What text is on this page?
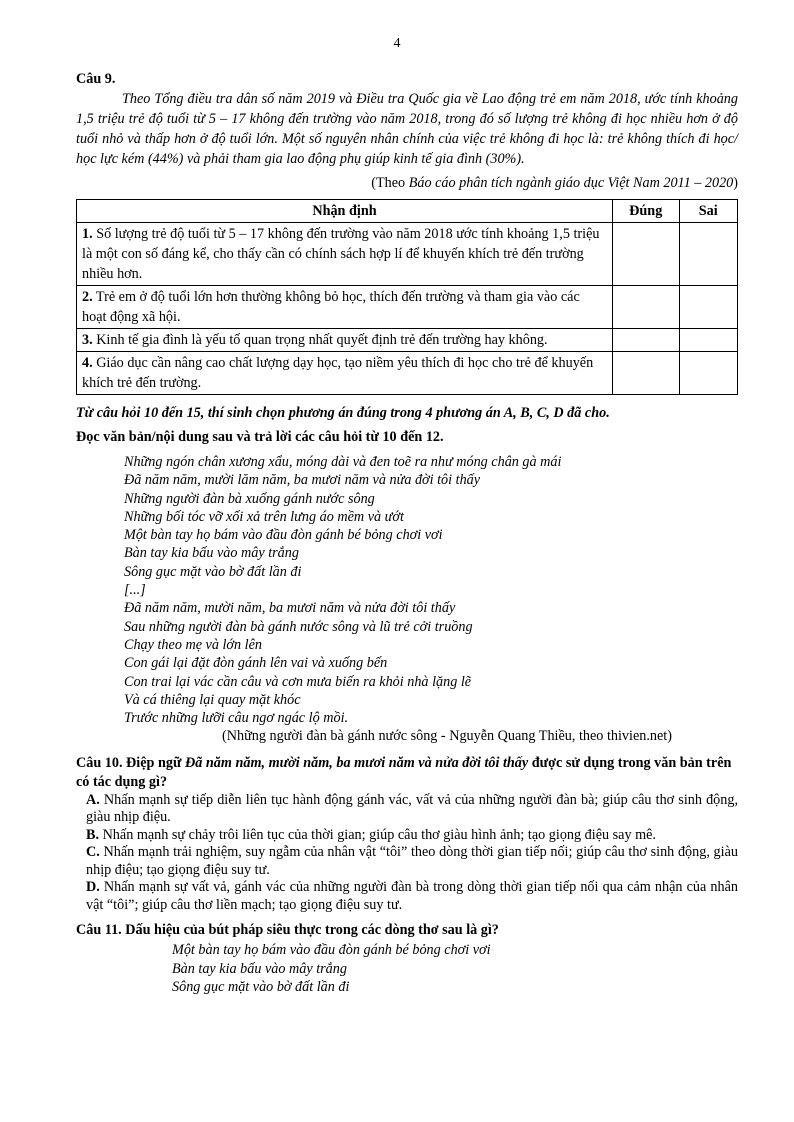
4

Câu 9.

Theo Tổng điều tra dân số năm 2019 và Điều tra Quốc gia về Lao động trẻ em năm 2018, ước tính khoảng 1,5 triệu trẻ độ tuổi từ 5 – 17 không đến trường vào năm 2018, trong đó số lượng trẻ không đi học nhiều hơn ở độ tuổi nhỏ và thấp hơn ở độ tuổi lớn. Một số nguyên nhân chính của việc trẻ không đi học là: trẻ không thích đi học/ học lực kém (44%) và phải tham gia lao động phụ giúp kinh tế gia đình (30%).

(Theo Báo cáo phân tích ngành giáo dục Việt Nam 2011 – 2020)

Nhận định	Đúng	Sai
1. Số lượng trẻ độ tuổi từ 5 – 17 không đến trường vào năm 2018 ước tính khoảng 1,5 triệu là một con số đáng kể, cho thấy cần có chính sách hợp lí để khuyến khích trẻ đến trường nhiều hơn.		
2. Trẻ em ở độ tuổi lớn hơn thường không bỏ học, thích đến trường và tham gia vào các hoạt động xã hội.		
3. Kinh tế gia đình là yếu tố quan trọng nhất quyết định trẻ đến trường hay không.		
4. Giáo dục cần nâng cao chất lượng dạy học, tạo niềm yêu thích đi học cho trẻ để khuyến khích trẻ đến trường.		

Từ câu hỏi 10 đến 15, thí sinh chọn phương án đúng trong 4 phương án A, B, C, D đã cho.

Đọc văn bản/nội dung sau và trả lời các câu hỏi từ 10 đến 12.

Những ngón chân xương xẩu, móng dài và đen toẽ ra như móng chân gà mái
Đã năm năm, mười lăm năm, ba mươi năm và nửa đời tôi thấy
Những người đàn bà xuống gánh nước sông
Những bối tóc vỡ xối xả trên lưng áo mềm và ướt
Một bàn tay họ bám vào đầu đòn gánh bé bỏng chơi vơi
Bàn tay kia bấu vào mây trắng
Sông gục mặt vào bờ đất lần đi
[...]
Đã năm năm, mười năm, ba mươi năm và nửa đời tôi thấy
Sau những người đàn bà gánh nước sông và lũ trẻ cởi truồng
Chạy theo mẹ và lớn lên
Con gái lại đặt đòn gánh lên vai và xuống bến
Con trai lại vác cần câu và cơn mưa biến ra khỏi nhà lặng lẽ
Và cá thiêng lại quay mặt khóc
Trước những lưỡi câu ngơ ngác lộ mồi.
(Những người đàn bà gánh nước sông - Nguyễn Quang Thiều, theo thivien.net)

Câu 10. Điệp ngữ Đã năm năm, mười năm, ba mươi năm và nửa đời tôi thấy được sử dụng trong văn bản trên có tác dụng gì?

A. Nhấn mạnh sự tiếp diễn liên tục hành động gánh vác, vất vả của những người đàn bà; giúp câu thơ sinh động, giàu nhịp điệu.

B. Nhấn mạnh sự chảy trôi liên tục của thời gian; giúp câu thơ giàu hình ảnh; tạo giọng điệu say mê.

C. Nhấn mạnh trải nghiệm, suy ngẫm của nhân vật “tôi” theo dòng thời gian tiếp nối; giúp câu thơ sinh động, giàu nhịp điệu; tạo giọng điệu suy tư.

D. Nhấn mạnh sự vất vả, gánh vác của những người đàn bà trong dòng thời gian tiếp nối qua cảm nhận của nhân vật “tôi”; giúp câu thơ liền mạch; tạo giọng điệu suy tư.

Câu 11. Dấu hiệu của bút pháp siêu thực trong các dòng thơ sau là gì?

Một bàn tay họ bám vào đầu đòn gánh bé bỏng chơi vơi
Bàn tay kia bấu vào mây trắng
Sông gục mặt vào bờ đất lần đi
